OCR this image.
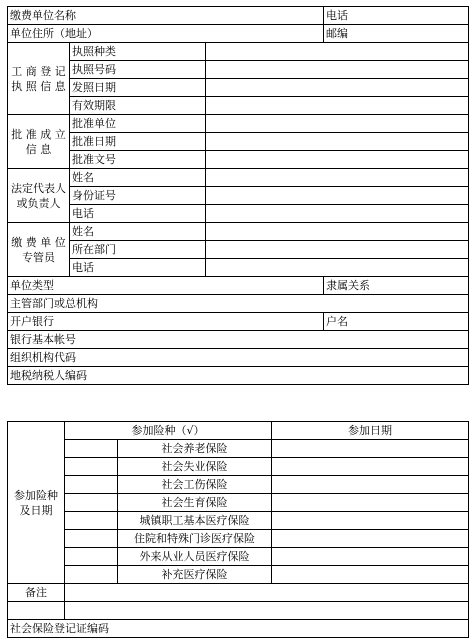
缴费单位名称			电话
单位住所（地址）			邮编
工 商 登 记 执 照 信 息	执照种类		
	执照号码		
	发照日期		
	有效期限		
批 准 成 立 信 息	批准单位		
	批准日期		
	批准文号		
法定代表人或负责人	姓名		
	身份证号		
	电话		
缴 费 单 位 专管员	姓名		
	所在部门		
	电话		
单位类型			隶属关系
主管部门或总机构			
开户银行			户名
银行基本帐号			
组织机构代码			
地税纳税人编码			
参加险种及日期	参加险种（√）		参加日期
		社会养老保险	
		社会失业保险	
		社会工伤保险	
		社会生育保险	
		城镇职工基本医疗保险	
		住院和特殊门诊医疗保险	
		外来从业人员医疗保险	
		补充医疗保险	
备注			

社会保险登记证编码			
